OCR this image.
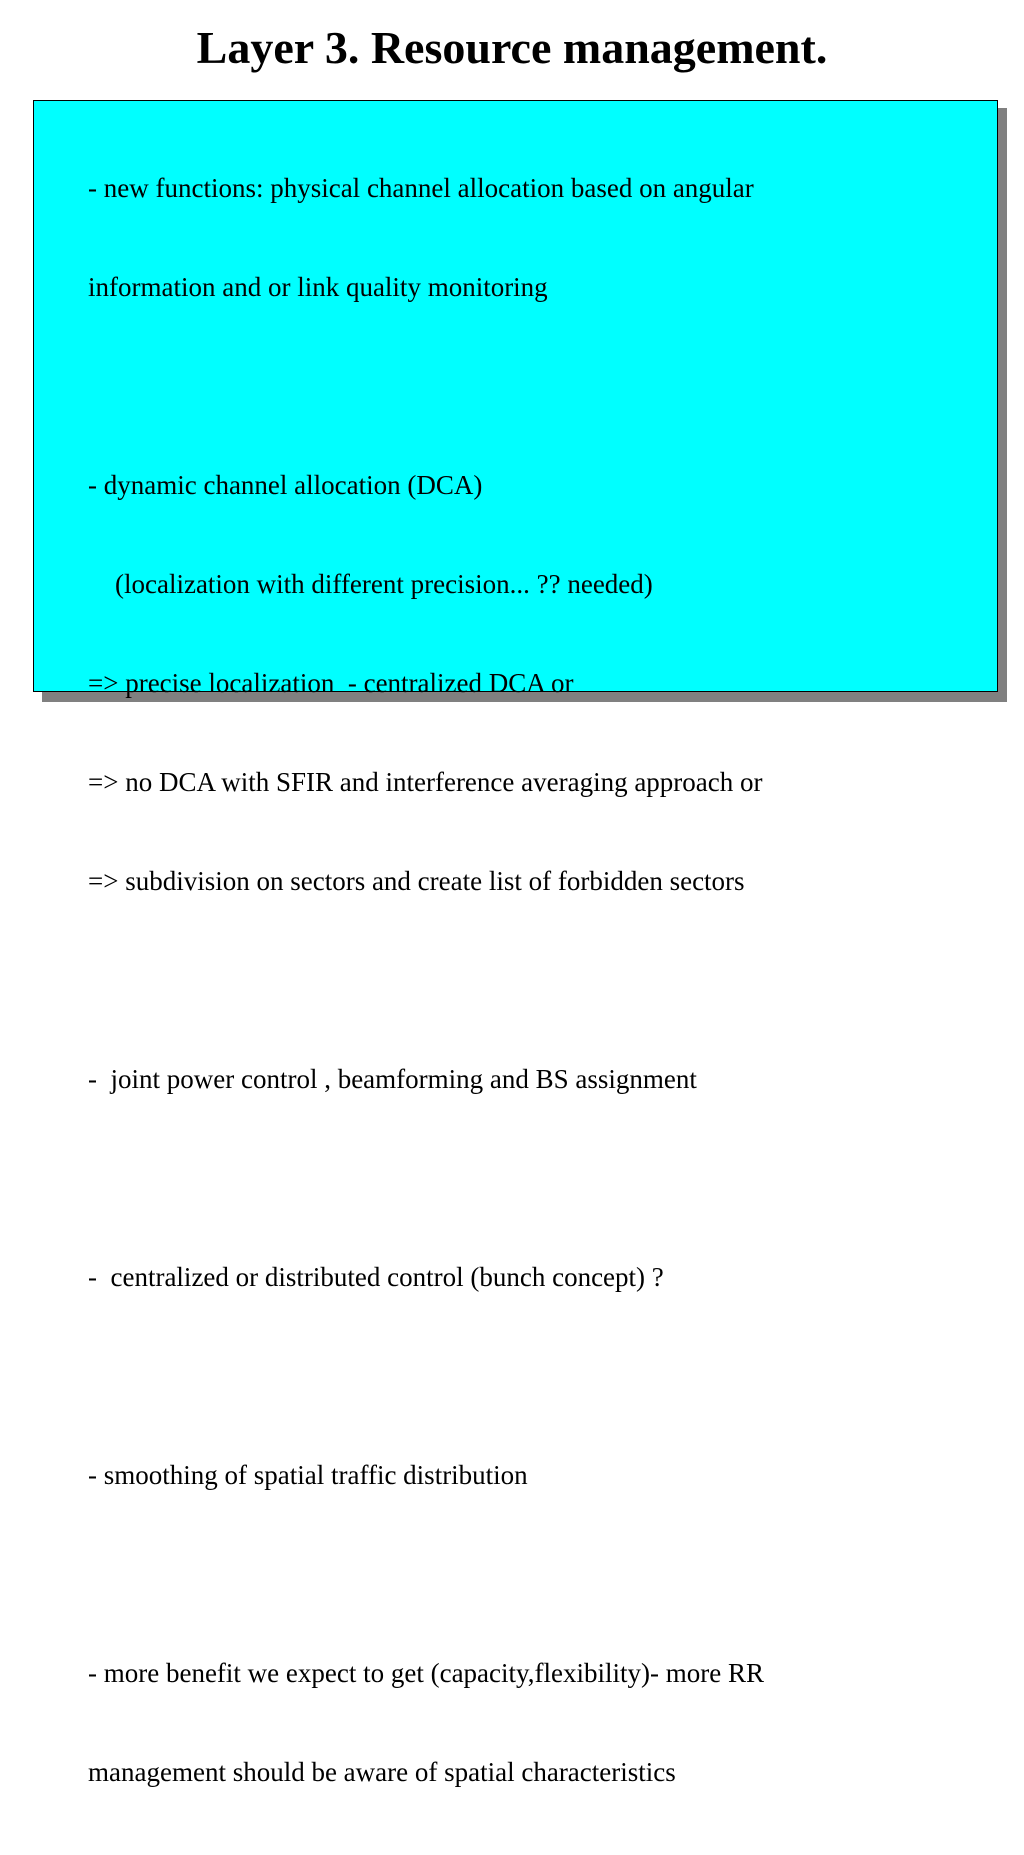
Layer 3. Resource management.

- new functions: physical channel allocation based on angular

information and or link quality monitoring

- dynamic channel allocation (DCA)

(localization with different precision... ?? needed)

=> precise localization  - centralized DCA or

=> no DCA with SFIR and interference averaging approach or

=> subdivision on sectors and create list of forbidden sectors

-  joint power control , beamforming and BS assignment

-  centralized or distributed control (bunch concept) ?

- smoothing of spatial traffic distribution

- more benefit we expect to get (capacity,flexibility)- more RR

management should be aware of spatial characteristics
